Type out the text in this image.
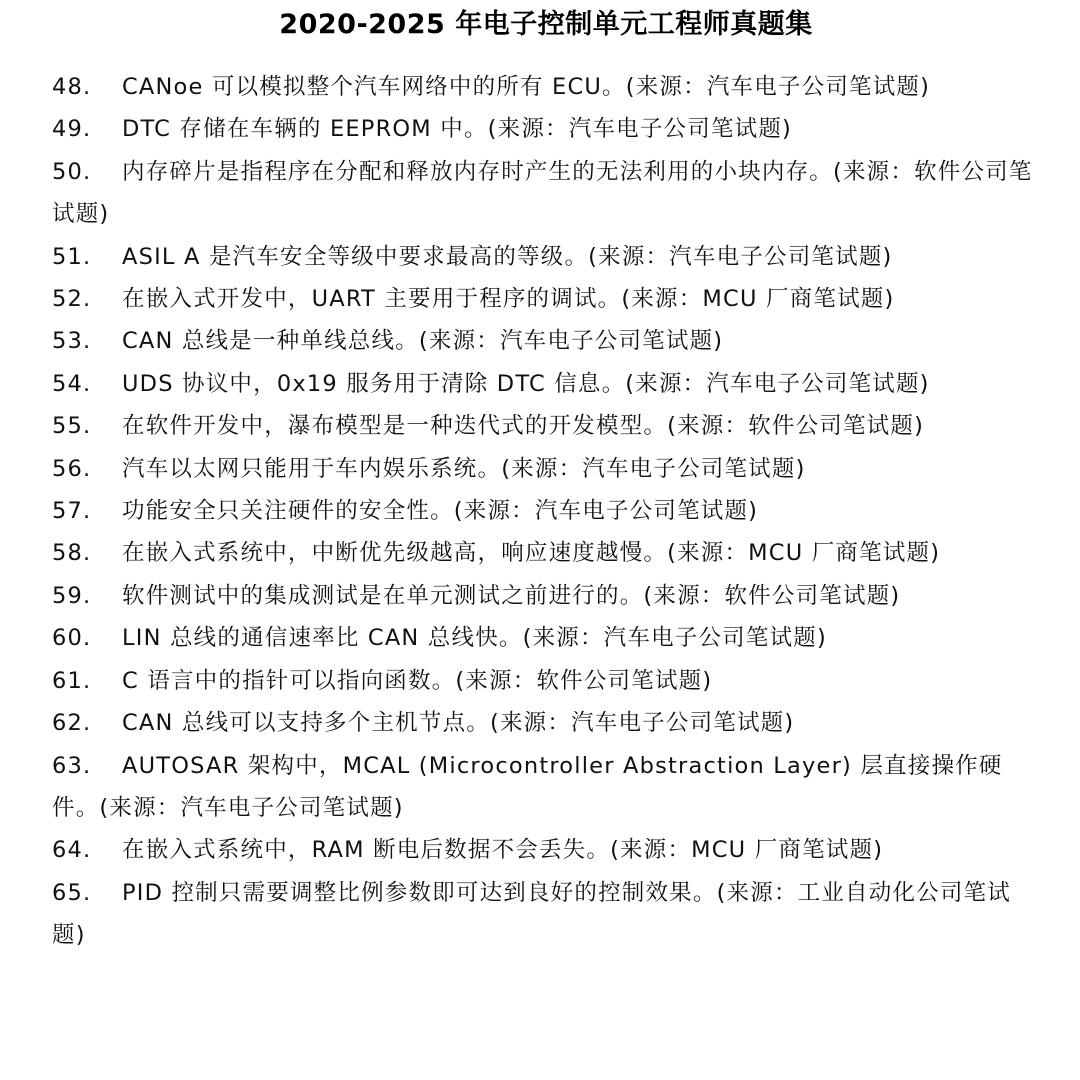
2020-2025 年电子控制单元工程师真题集
48. CANoe 可以模拟整个汽车网络中的所有 ECU。(来源：汽车电子公司笔试题)
49. DTC 存储在车辆的 EEPROM 中。(来源：汽车电子公司笔试题)
50. 内存碎片是指程序在分配和释放内存时产生的无法利用的小块内存。(来源：软件公司笔试题)
51. ASIL A 是汽车安全等级中要求最高的等级。(来源：汽车电子公司笔试题)
52. 在嵌入式开发中，UART 主要用于程序的调试。(来源：MCU 厂商笔试题)
53. CAN 总线是一种单线总线。(来源：汽车电子公司笔试题)
54. UDS 协议中，0x19 服务用于清除 DTC 信息。(来源：汽车电子公司笔试题)
55. 在软件开发中，瀑布模型是一种迭代式的开发模型。(来源：软件公司笔试题)
56. 汽车以太网只能用于车内娱乐系统。(来源：汽车电子公司笔试题)
57. 功能安全只关注硬件的安全性。(来源：汽车电子公司笔试题)
58. 在嵌入式系统中，中断优先级越高，响应速度越慢。(来源：MCU 厂商笔试题)
59. 软件测试中的集成测试是在单元测试之前进行的。(来源：软件公司笔试题)
60. LIN 总线的通信速率比 CAN 总线快。(来源：汽车电子公司笔试题)
61. C 语言中的指针可以指向函数。(来源：软件公司笔试题)
62. CAN 总线可以支持多个主机节点。(来源：汽车电子公司笔试题)
63. AUTOSAR 架构中，MCAL (Microcontroller Abstraction Layer) 层直接操作硬件。(来源：汽车电子公司笔试题)
64. 在嵌入式系统中，RAM 断电后数据不会丢失。(来源：MCU 厂商笔试题)
65. PID 控制只需要调整比例参数即可达到良好的控制效果。(来源：工业自动化公司笔试题)
